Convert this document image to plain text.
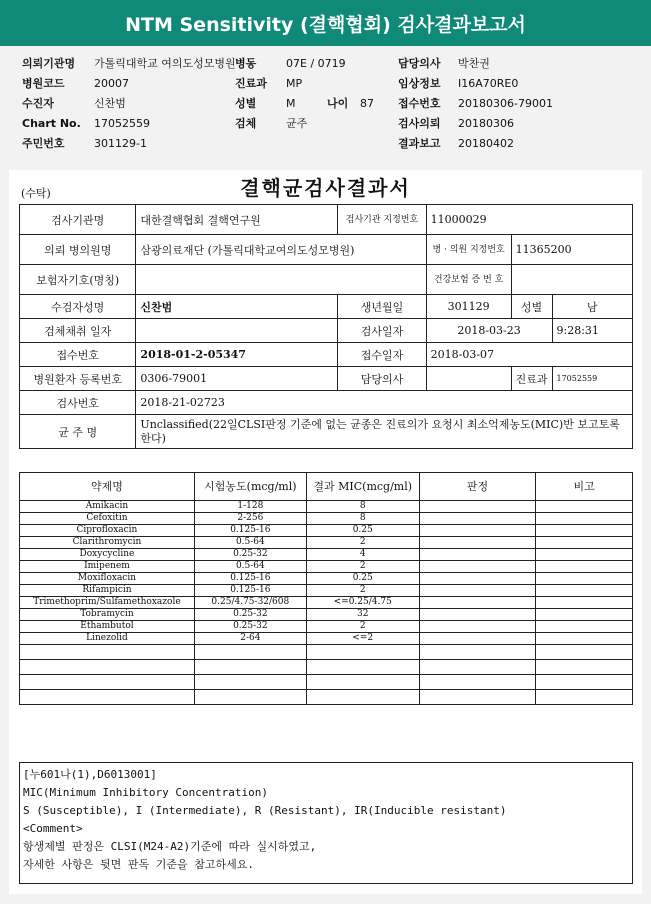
NTM Sensitivity (결핵협회) 검사결과보고서
의뢰기관명 가톨릭대학교 여의도성모병원 병동	07E / 0719	담당의사 박찬권
병원코드	20007	진료과 MP	임상정보 I16A70RE0
수진자	신찬범	성별	M	나이 87 접수번호 20180306-79001
Chart No. 17052559	검체	균주	검사의뢰 20180306
주민번호	301129-1	결과보고 20180402
결핵균검사결과서
(수탁)
검사기관명	대한결핵협회 결핵연구원	검사기관 지정번호	11000029		
의뢰 병의원명	삼광의료재단 (가톨릭대학교여의도성모병원)		병 · 의원 지정번호	11365200	
보험자기호(명칭)			건강보험 증 번 호		
수검자성명	신찬범	생년월일	301129	성별	남
검체채취 일자		검사일자	2018-03-23		9:28:31
접수번호	2018-01-2-05347	접수일자	2018-03-07		
병원환자 등록번호	0306-79001	담당의사		진료과	17052559
검사번호	2018-21-02723				
균 주 명	Unclassified(22일CLSI판정 기준에 없는 균종은 진료의가 요청시 최소억제농도(MIC)반 보고토록 한다)				
약제명	시험농도(mcg/ml)	결과 MIC(mcg/ml)	판정	비고
Amikacin	1-128	8		
Cefoxitin	2-256	8		
Ciprofloxacin	0.125-16	0.25		
Clarithromycin	0.5-64	2		
Doxycycline	0.25-32	4		
Imipenem	0.5-64	2		
Moxifloxacin	0.125-16	0.25		
Rifampicin	0.125-16	2		
Trimethoprim/Sulfamethoxazole	0.25/4.75-32/608	<=0.25/4.75		
Tobramycin	0.25-32	32		
Ethambutol	0.25-32	2		
Linezolid	2-64	<=2		

[누601나(1),D6013001]
MIC(Minimum Inhibitory Concentration)
S (Susceptible), I (Intermediate), R (Resistant), IR(Inducible resistant)
<Comment>
항생제별 판정은 CLSI(M24-A2)기준에 따라 실시하였고,
자세한 사항은 뒷면 판독 기준을 참고하세요.
